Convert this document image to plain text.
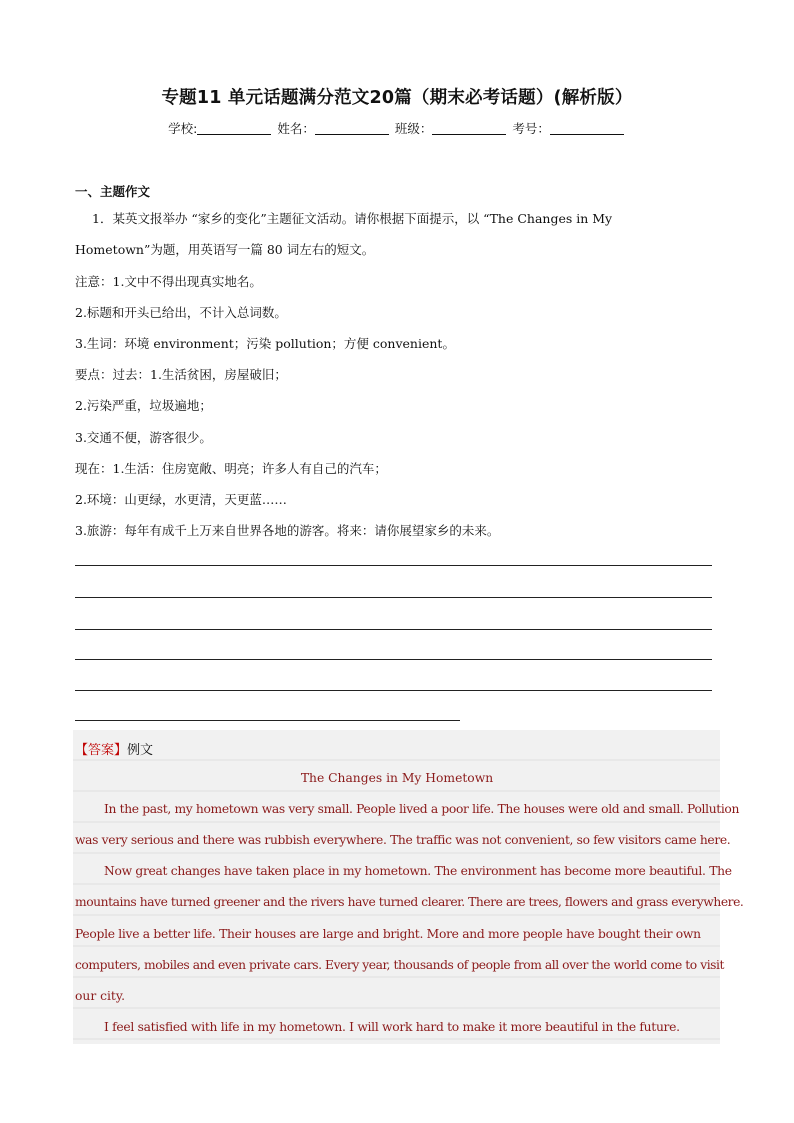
专题11 单元话题满分范文20篇（期末必考话题）(解析版）
学校:	姓名：	班级：	考号：
一、主题作文
1．某英文报举办 “家乡的变化”主题征文活动。请你根据下面提示，以 “The Changes in My
Hometown”为题，用英语写一篇 80 词左右的短文。
注意：1.文中不得出现真实地名。
2.标题和开头已给出，不计入总词数。
3.生词：环境 environment；污染 pollution；方便 convenient。
要点：过去：1.生活贫困，房屋破旧；
2.污染严重，垃圾遍地；
3.交通不便，游客很少。
现在：1.生活：住房宽敞、明亮；许多人有自己的汽车；
2.环境：山更绿，水更清，天更蓝……
3.旅游：每年有成千上万来自世界各地的游客。将来：请你展望家乡的未来。
【答案】例文
The Changes in My Hometown
In the past, my hometown was very small. People lived a poor life. The houses were old and small. Pollution
was very serious and there was rubbish everywhere. The traffic was not convenient, so few visitors came here.
Now great changes have taken place in my hometown. The environment has become more beautiful. The
mountains have turned greener and the rivers have turned clearer. There are trees, flowers and grass everywhere.
People live a better life. Their houses are large and bright. More and more people have bought their own
computers, mobiles and even private cars. Every year, thousands of people from all over the world come to visit
our city.
I feel satisfied with life in my hometown. I will work hard to make it more beautiful in the future.
